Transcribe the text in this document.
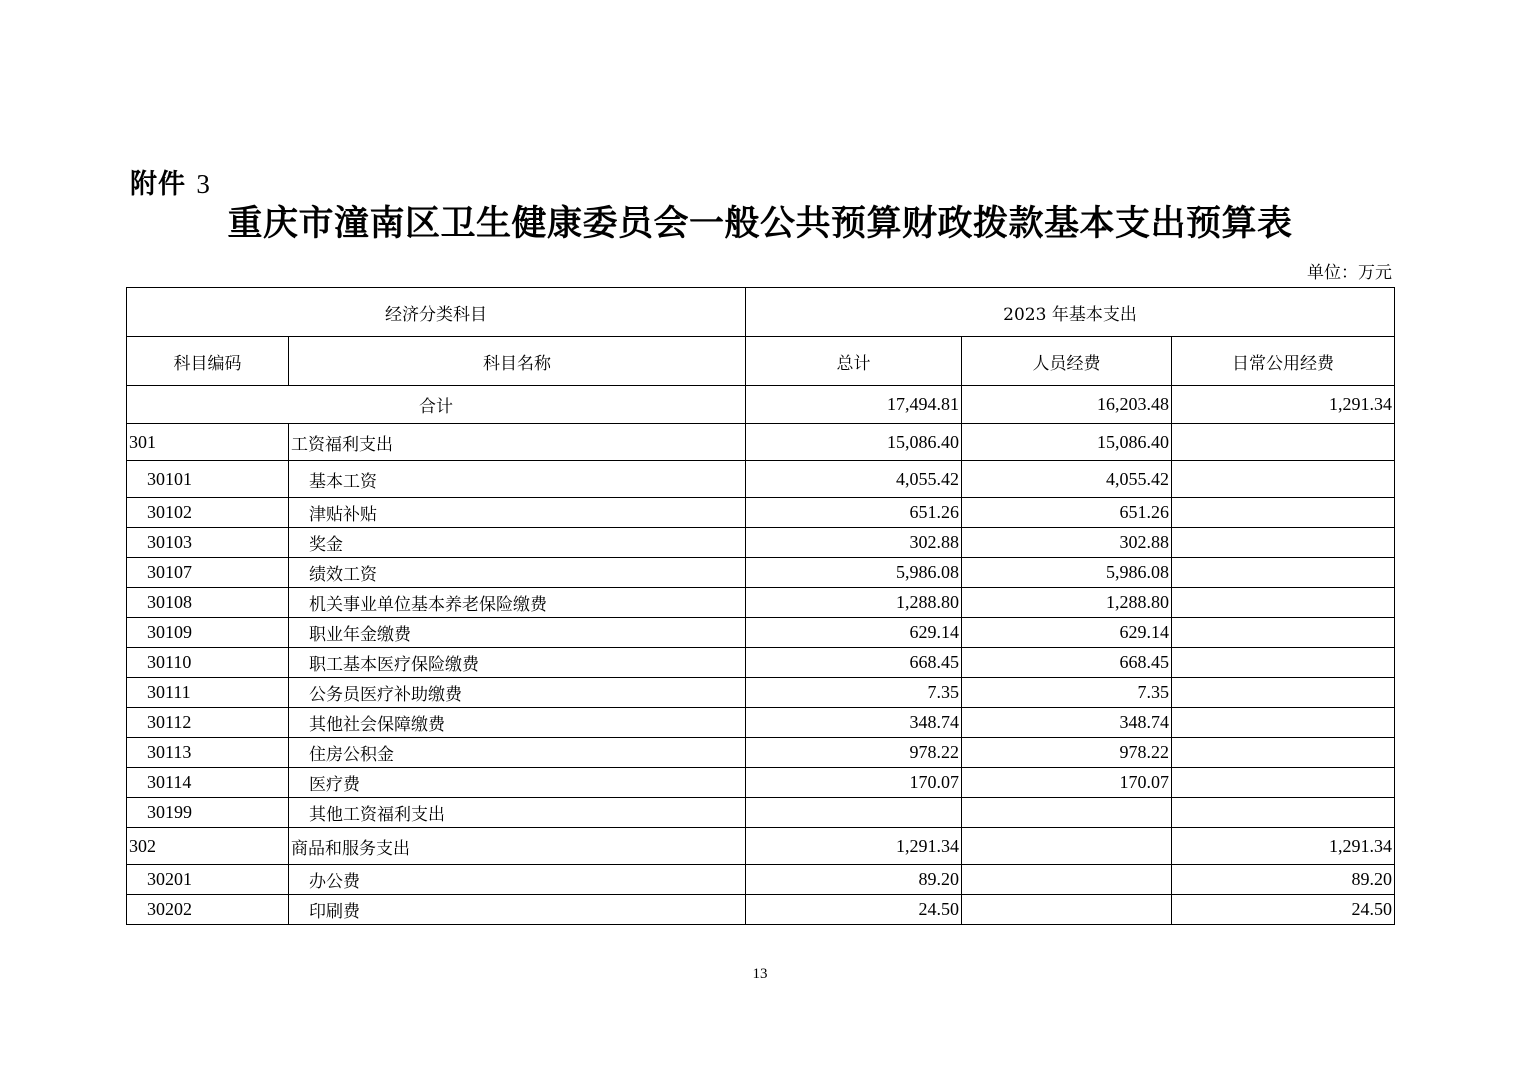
附件 3
重庆市潼南区卫生健康委员会一般公共预算财政拨款基本支出预算表
单位：万元
经济分类科目		2023 年基本支出		
科目编码	科目名称	总计	人员经费	日常公用经费
合计		17,494.81	16,203.48	1,291.34
301	工资福利支出	15,086.40	15,086.40	
30101	基本工资	4,055.42	4,055.42	
30102	津贴补贴	651.26	651.26	
30103	奖金	302.88	302.88	
30107	绩效工资	5,986.08	5,986.08	
30108	机关事业单位基本养老保险缴费	1,288.80	1,288.80	
30109	职业年金缴费	629.14	629.14	
30110	职工基本医疗保险缴费	668.45	668.45	
30111	公务员医疗补助缴费	7.35	7.35	
30112	其他社会保障缴费	348.74	348.74	
30113	住房公积金	978.22	978.22	
30114	医疗费	170.07	170.07	
30199	其他工资福利支出			
302	商品和服务支出	1,291.34		1,291.34
30201	办公费	89.20		89.20
30202	印刷费	24.50		24.50
13
